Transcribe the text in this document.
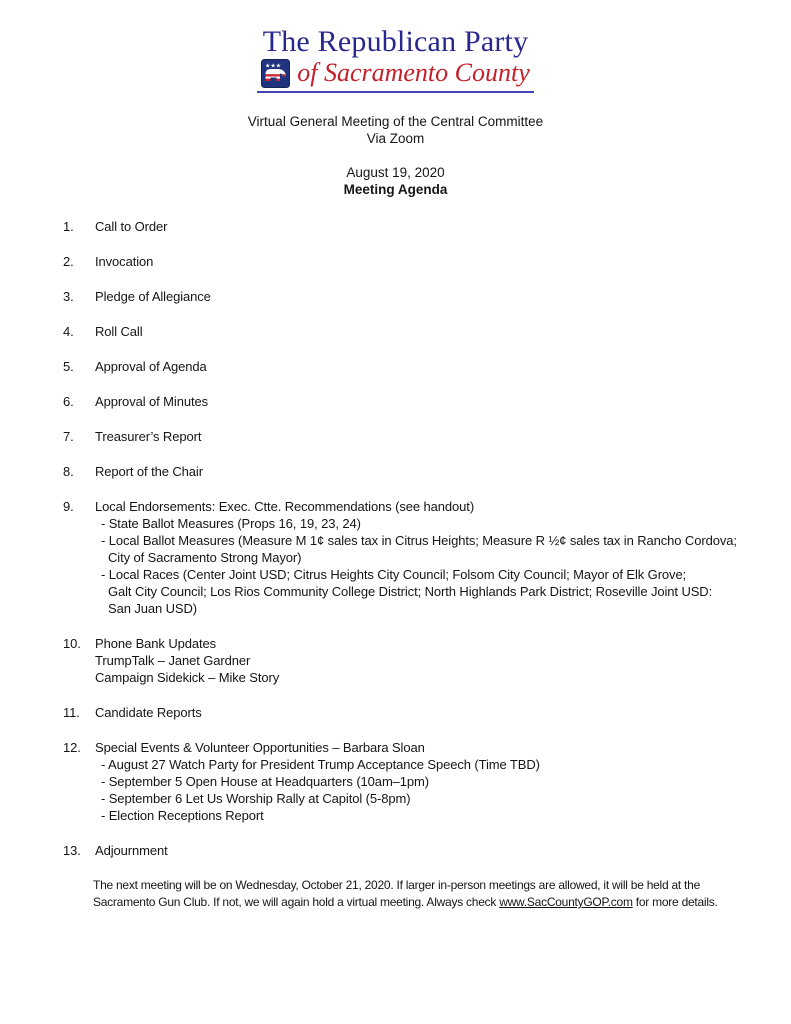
The Republican Party
★★★ of Sacramento County
Virtual General Meeting of the Central Committee
Via Zoom
August 19, 2020
Meeting Agenda
1.	Call to Order
2.	Invocation
3.	Pledge of Allegiance
4.	Roll Call
5.	Approval of Agenda
6.	Approval of Minutes
7.	Treasurer’s Report
8.	Report of the Chair
9.	Local Endorsements: Exec. Ctte. Recommendations (see handout)
- State Ballot Measures (Props 16, 19, 23, 24)
- Local Ballot Measures (Measure M 1¢ sales tax in Citrus Heights; Measure R ½¢ sales tax in Rancho Cordova;
City of Sacramento Strong Mayor)
- Local Races (Center Joint USD; Citrus Heights City Council; Folsom City Council; Mayor of Elk Grove;
Galt City Council; Los Rios Community College District; North Highlands Park District; Roseville Joint USD:
San Juan USD)
10.	Phone Bank Updates
TrumpTalk – Janet Gardner
Campaign Sidekick – Mike Story
11.	Candidate Reports
12.	Special Events & Volunteer Opportunities – Barbara Sloan
- August 27 Watch Party for President Trump Acceptance Speech (Time TBD)
- September 5 Open House at Headquarters (10am–1pm)
- September 6 Let Us Worship Rally at Capitol (5-8pm)
- Election Receptions Report
13.	Adjournment
The next meeting will be on Wednesday, October 21, 2020. If larger in-person meetings are allowed, it will be held at the
Sacramento Gun Club. If not, we will again hold a virtual meeting. Always check www.SacCountyGOP.com for more details.
